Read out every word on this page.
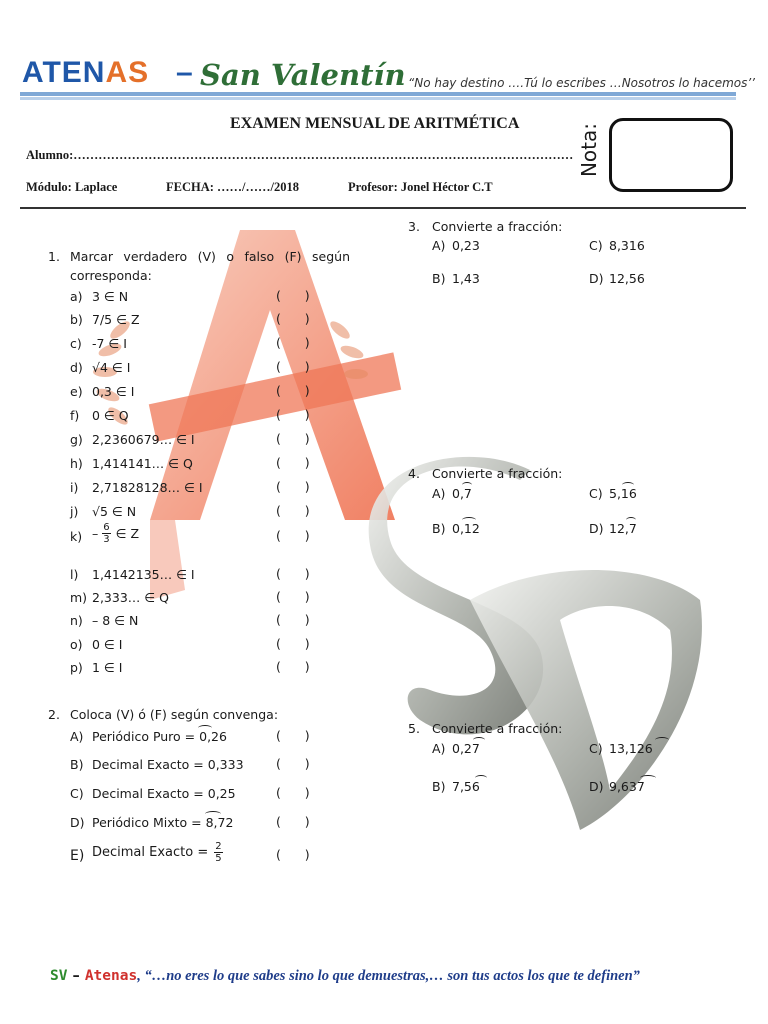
ATENAS – San Valentín “No hay destino ….Tú lo escribes …Nosotros lo hacemos’’
EXAMEN MENSUAL DE ARITMÉTICA
Alumno:…………………………………………………………………………………………………………
Módulo: Laplace	FECHA: ……/……/2018	Profesor: Jonel Héctor C.T
Nota:
1. Marcar verdadero (V) o falso (F) según
corresponda:
a) 3 ∈ N	(      )
b) 7/5 ∈ Z	(      )
c) -7 ∈ I	(      )
d) √4 ∈ I	(      )
e) 0,3 ∈ I	(      )
f) 0 ∈ Q	(      )
g) 2,2360679… ∈ I	(      )
h) 1,414141… ∈ Q	(      )
i) 2,71828128… ∈ I	(      )
j) √5 ∈ N	(      )
$k) - \frac{6}{3}$ ∈ Z	(      )
l) 1,4142135… ∈ I	(      )
m) 2,333… ∈ Q	(      )
n) – 8 ∈ N	(      )
o) 0 ∈ I	(      )
p) 1 ∈ I	(      )
2. Coloca (V) ó (F) según convenga:
A) Periódico Puro = 0,26	(      )
B) Decimal Exacto = 0,333	(      )
C) Decimal Exacto = 0,25	(      )
D) Periódico Mixto = 8,72	(      )
E) Decimal Exacto = $\frac{2}{5}$	(      )
3. Convierte a fracción:
A) 0,23	C) 8,316
B) 1,43	D) 12,56
4. Convierte a fracción:
A) 0,7	C) 5,16
B) 0,12	D) 12,7
5. Convierte a fracción:
A) 0,27	C) 13,126
B) 7,56	D) 9,637
SV – Atenas, “…no eres lo que sabes sino lo que demuestras,… son tus actos los que te definen”
